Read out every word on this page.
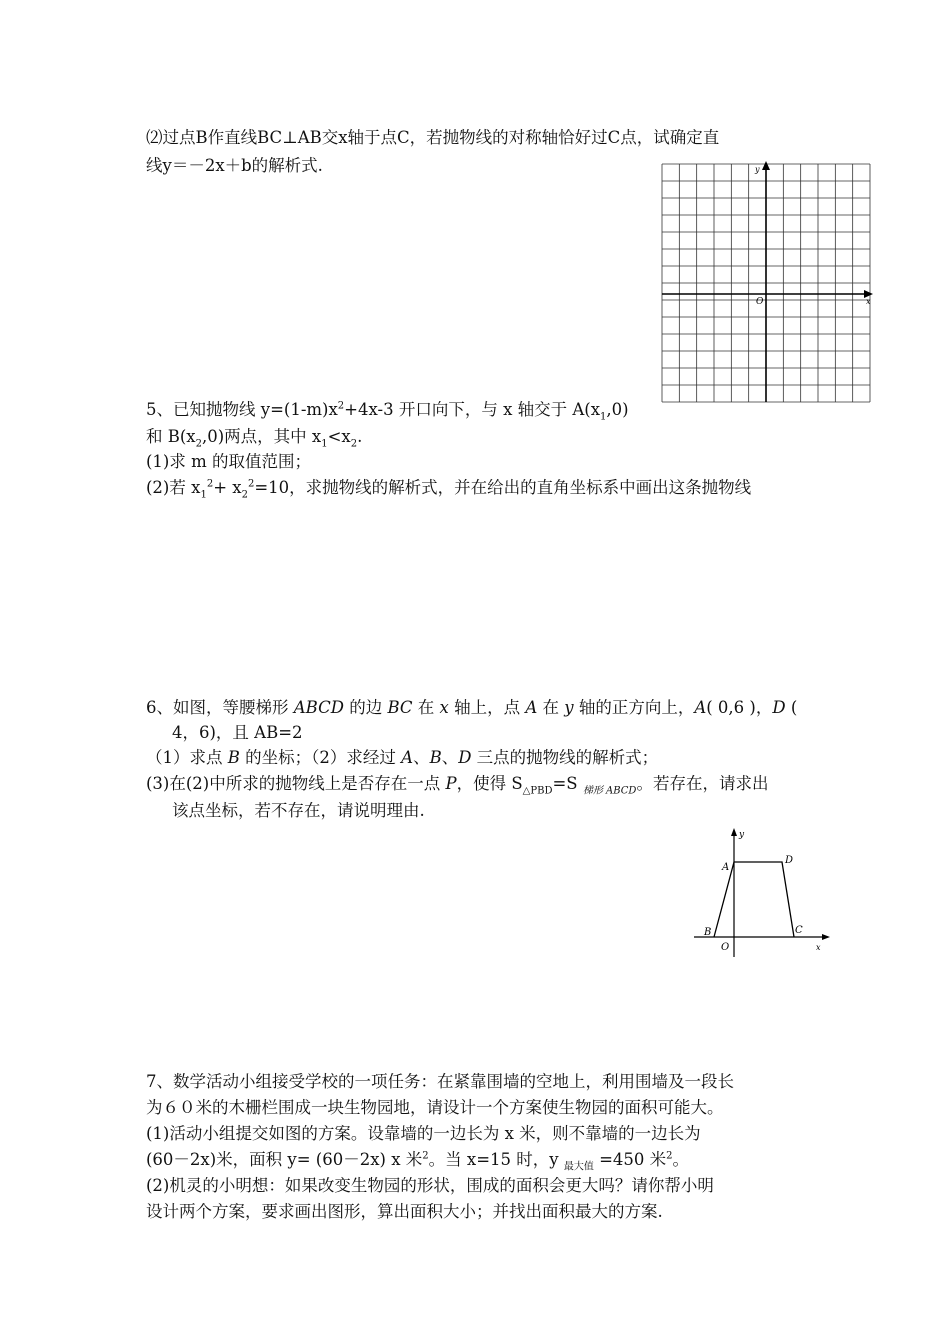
⑵过点B作直线BC⊥AB交x轴于点C，若抛物线的对称轴恰好过C点，试确定直
线y＝－2x＋b的解析式.	y
x
O
5、已知抛物线 $y=(1-m)x^2+4x-3$ 开口向下，与 x 轴交于 $A(x_1,0)$
和 $B(x_2,0)$两点，其中 $x_1<x_2$.
(1)求 m 的取值范围；
(2)若 $x_1^2+ x_2^2=10$，求抛物线的解析式，并在给出的直角坐标系中画出这条抛物线
6、如图，等腰梯形 ABCD 的边 BC 在 x 轴上，点 A 在 y 轴的正方向上，A( 0,6 )，D (
4，6)，且 AB=2
（1）求点 B 的坐标；（2）求经过 A、B、D 三点的抛物线的解析式；
(3)在(2)中所求的抛物线上是否存在一点 P，使得 $S_{\triangle PBD}=S$ $_{梯形 ABCD}$。若存在，请求出
该点坐标，若不存在，请说明理由.
y
x
A
D
B
O
C
7、数学活动小组接受学校的一项任务：在紧靠围墙的空地上，利用围墙及一段长
为６０米的木栅栏围成一块生物园地，请设计一个方案使生物园的面积可能大。
(1)活动小组提交如图的方案。设靠墙的一边长为 x 米，则不靠墙的一边长为
(60－2x)米，面积 y= (60－2x) x 米$^2$。当 x=15 时，y $_{最大值}$ =450 米$^2$。
(2)机灵的小明想：如果改变生物园的形状，围成的面积会更大吗？请你帮小明
设计两个方案，要求画出图形，算出面积大小；并找出面积最大的方案.
